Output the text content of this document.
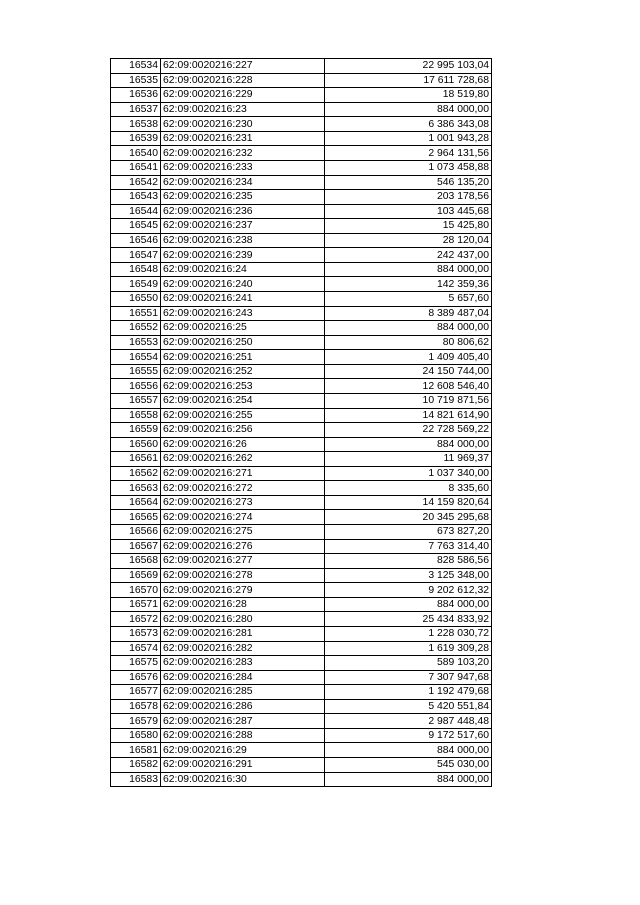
16534	62:09:0020216:227	22 995 103,04
16535	62:09:0020216:228	17 611 728,68
16536	62:09:0020216:229	18 519,80
16537	62:09:0020216:23	884 000,00
16538	62:09:0020216:230	6 386 343,08
16539	62:09:0020216:231	1 001 943,28
16540	62:09:0020216:232	2 964 131,56
16541	62:09:0020216:233	1 073 458,88
16542	62:09:0020216:234	546 135,20
16543	62:09:0020216:235	203 178,56
16544	62:09:0020216:236	103 445,68
16545	62:09:0020216:237	15 425,80
16546	62:09:0020216:238	28 120,04
16547	62:09:0020216:239	242 437,00
16548	62:09:0020216:24	884 000,00
16549	62:09:0020216:240	142 359,36
16550	62:09:0020216:241	5 657,60
16551	62:09:0020216:243	8 389 487,04
16552	62:09:0020216:25	884 000,00
16553	62:09:0020216:250	80 806,62
16554	62:09:0020216:251	1 409 405,40
16555	62:09:0020216:252	24 150 744,00
16556	62:09:0020216:253	12 608 546,40
16557	62:09:0020216:254	10 719 871,56
16558	62:09:0020216:255	14 821 614,90
16559	62:09:0020216:256	22 728 569,22
16560	62:09:0020216:26	884 000,00
16561	62:09:0020216:262	11 969,37
16562	62:09:0020216:271	1 037 340,00
16563	62:09:0020216:272	8 335,60
16564	62:09:0020216:273	14 159 820,64
16565	62:09:0020216:274	20 345 295,68
16566	62:09:0020216:275	673 827,20
16567	62:09:0020216:276	7 763 314,40
16568	62:09:0020216:277	828 586,56
16569	62:09:0020216:278	3 125 348,00
16570	62:09:0020216:279	9 202 612,32
16571	62:09:0020216:28	884 000,00
16572	62:09:0020216:280	25 434 833,92
16573	62:09:0020216:281	1 228 030,72
16574	62:09:0020216:282	1 619 309,28
16575	62:09:0020216:283	589 103,20
16576	62:09:0020216:284	7 307 947,68
16577	62:09:0020216:285	1 192 479,68
16578	62:09:0020216:286	5 420 551,84
16579	62:09:0020216:287	2 987 448,48
16580	62:09:0020216:288	9 172 517,60
16581	62:09:0020216:29	884 000,00
16582	62:09:0020216:291	545 030,00
16583	62:09:0020216:30	884 000,00
